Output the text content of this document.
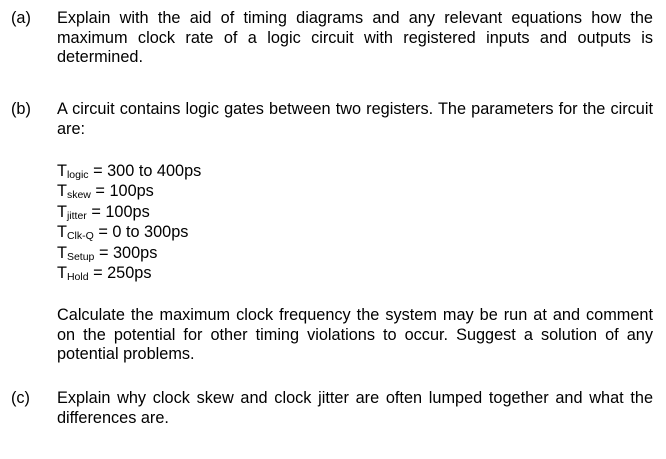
(a) Explain with the aid of timing diagrams and any relevant equations how the maximum clock rate of a logic circuit with registered inputs and outputs is determined.
(b) A circuit contains logic gates between two registers. The parameters for the circuit are:
$T_{logic} = 300$ to 400ps
$T_{skew} = 100ps$
$T_{jitter} = 100ps$
$T_{Clk-Q} = 0$ to 300ps
$T_{Setup} = 300ps$
$T_{Hold} = 250ps$
Calculate the maximum clock frequency the system may be run at and comment on the potential for other timing violations to occur. Suggest a solution of any potential problems.
(c) Explain why clock skew and clock jitter are often lumped together and what the differences are.
